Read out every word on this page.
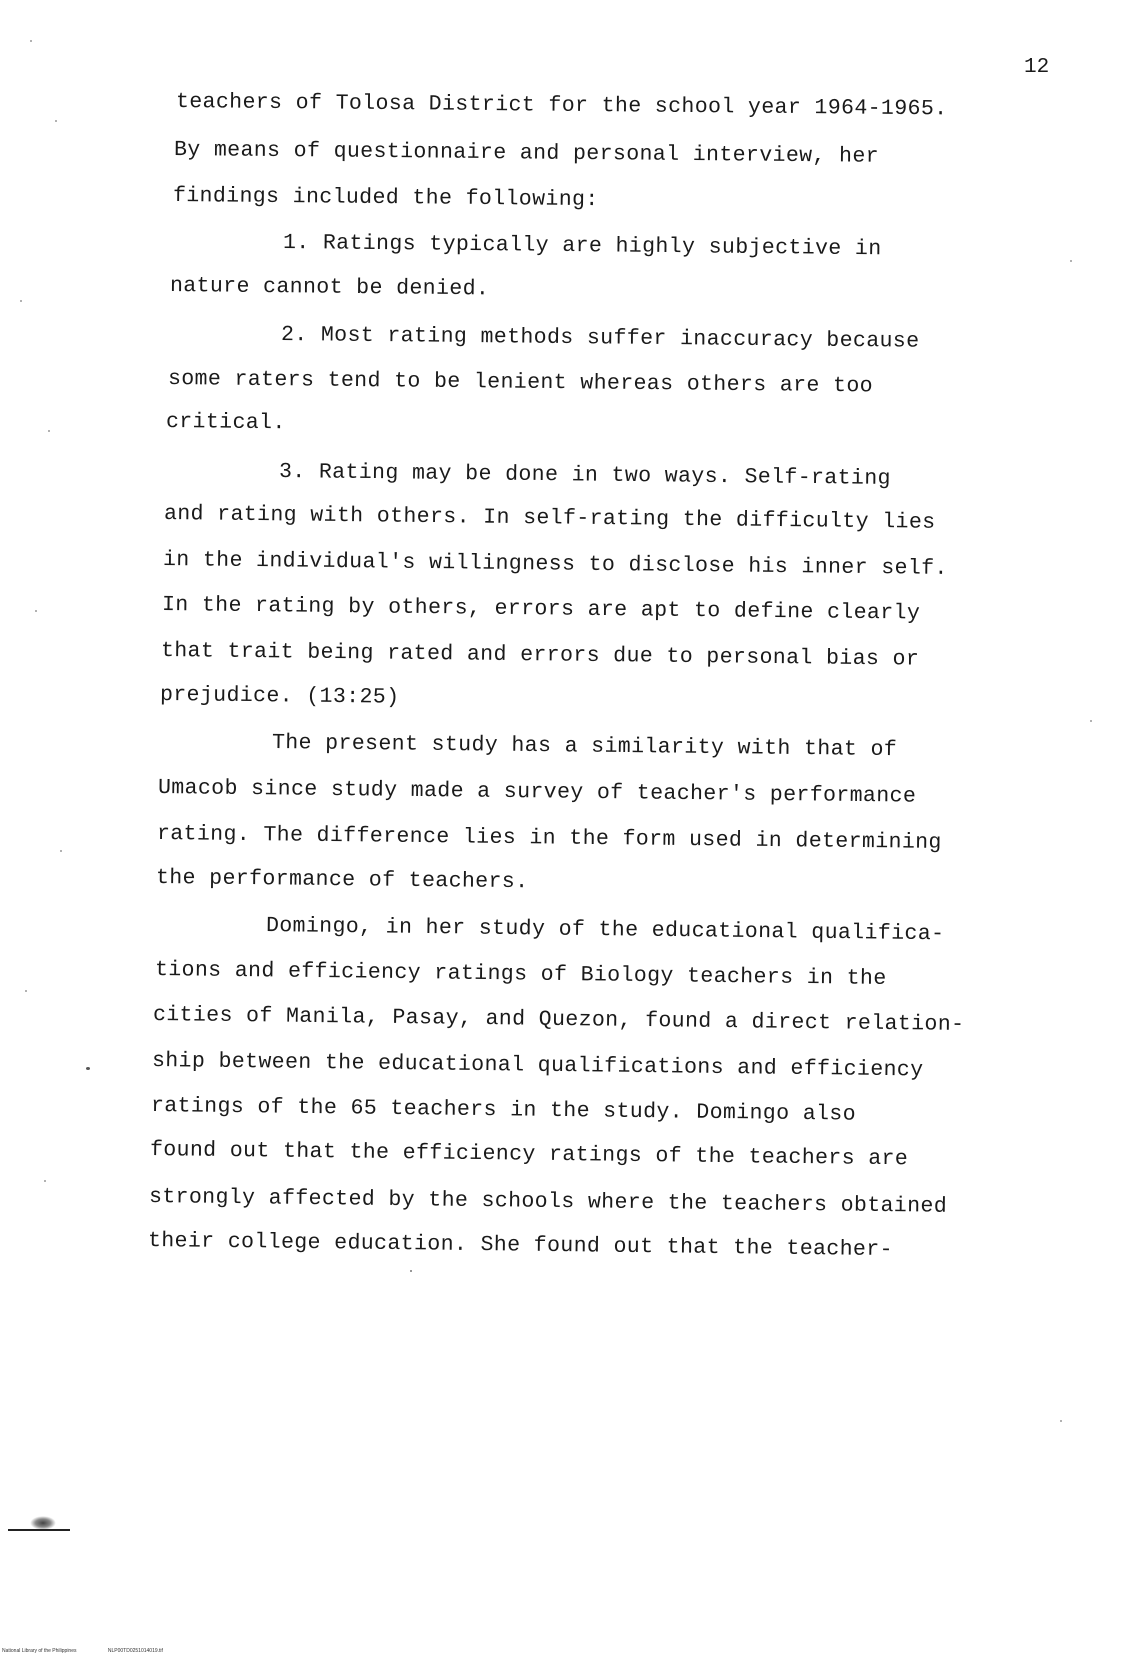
12
teachers of Tolosa District for the school year 1964-1965.
By means of questionnaire and personal interview, her
findings included the following:
1. Ratings typically are highly subjective in
nature cannot be denied.
2. Most rating methods suffer inaccuracy because
some raters tend to be lenient whereas others are too
critical.
3. Rating may be done in two ways. Self-rating
and rating with others. In self-rating the difficulty lies
in the individual's willingness to disclose his inner self.
In the rating by others, errors are apt to define clearly
that trait being rated and errors due to personal bias or
prejudice. (13:25)
The present study has a similarity with that of
Umacob since study made a survey of teacher's performance
rating. The difference lies in the form used in determining
the performance of teachers.
Domingo, in her study of the educational qualifica-
tions and efficiency ratings of Biology teachers in the
cities of Manila, Pasay, and Quezon, found a direct relation-
ship between the educational qualifications and efficiency
ratings of the 65 teachers in the study. Domingo also
found out that the efficiency ratings of the teachers are
strongly affected by the schools where the teachers obtained
their college education. She found out that the teacher-
National Library of the Philippines	NLP00TD0251014019.tif
